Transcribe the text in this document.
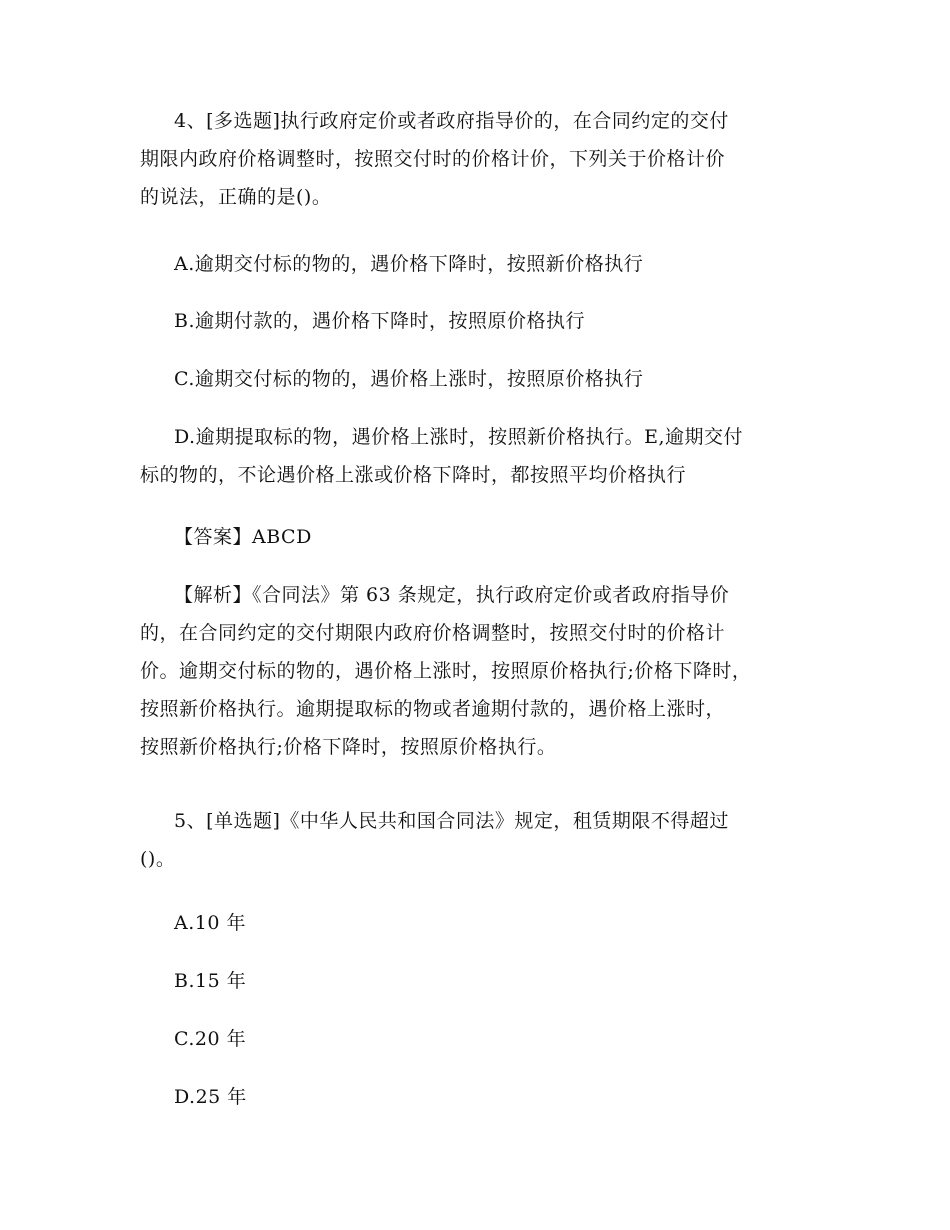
4、[多选题]执行政府定价或者政府指导价的，在合同约定的交付
期限内政府价格调整时，按照交付时的价格计价，下列关于价格计价
的说法，正确的是()。

A.逾期交付标的物的，遇价格下降时，按照新价格执行

B.逾期付款的，遇价格下降时，按照原价格执行

C.逾期交付标的物的，遇价格上涨时，按照原价格执行

D.逾期提取标的物，遇价格上涨时，按照新价格执行。E,逾期交付
标的物的，不论遇价格上涨或价格下降时，都按照平均价格执行

【答案】ABCD

【解析】《合同法》第 63 条规定，执行政府定价或者政府指导价
的，在合同约定的交付期限内政府价格调整时，按照交付时的价格计
价。逾期交付标的物的，遇价格上涨时，按照原价格执行;价格下降时，
按照新价格执行。逾期提取标的物或者逾期付款的，遇价格上涨时，
按照新价格执行;价格下降时，按照原价格执行。
5、[单选题]《中华人民共和国合同法》规定，租赁期限不得超过
()。

A.10 年

B.15 年

C.20 年

D.25 年
